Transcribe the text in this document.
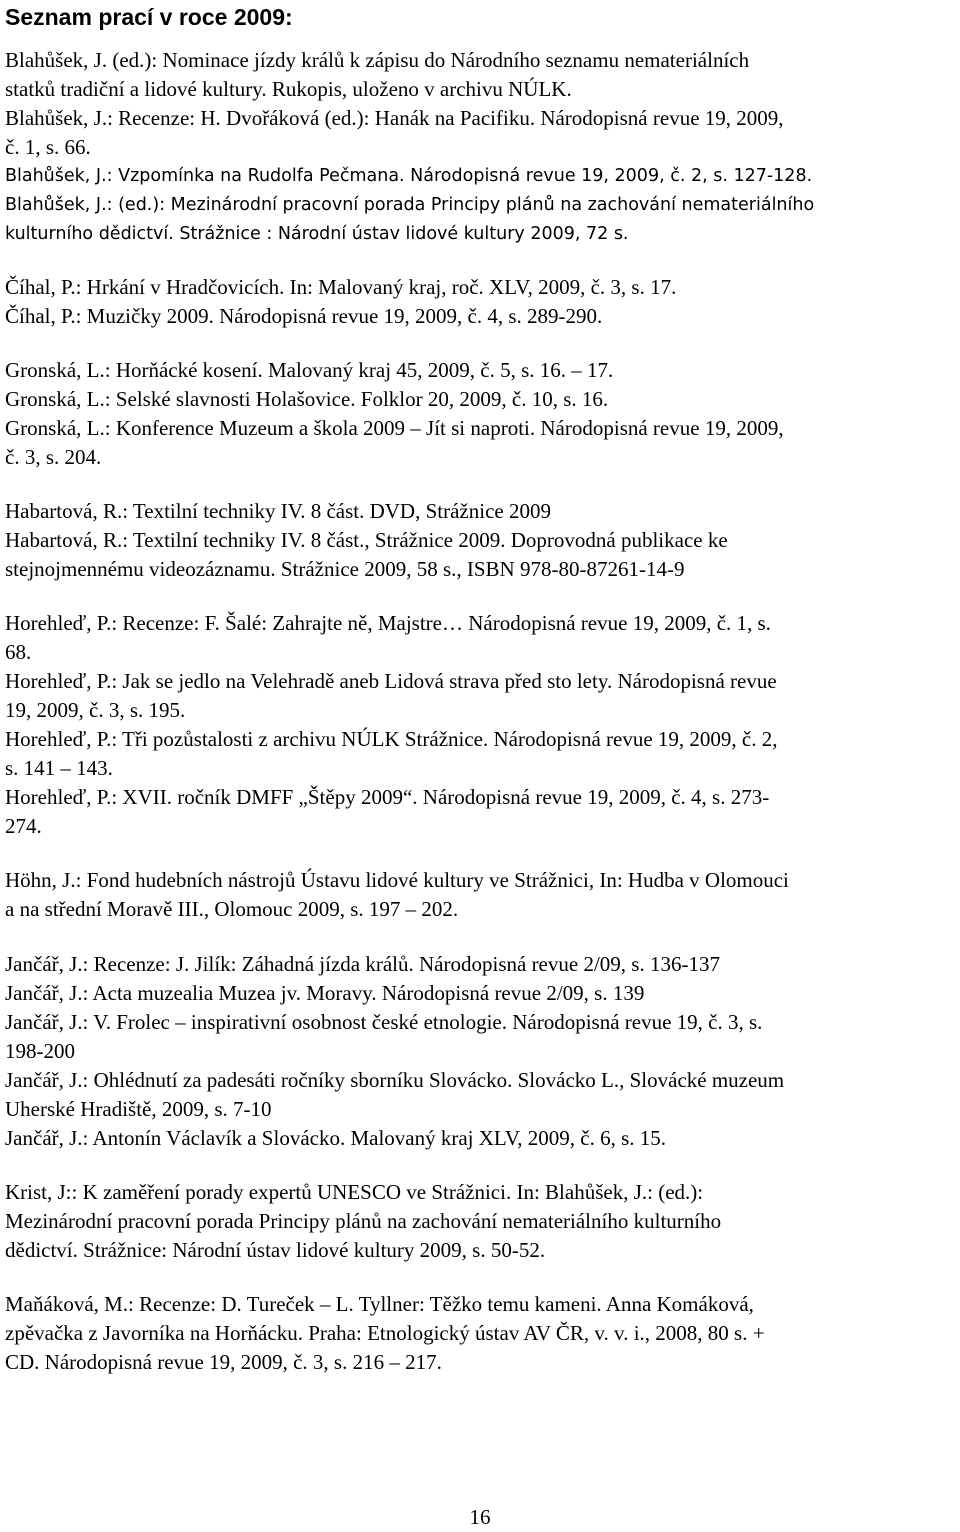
Seznam prací v roce 2009:
Blahůšek, J. (ed.): Nominace jízdy králů k zápisu do Národního seznamu nemateriálních
statků tradiční a lidové kultury. Rukopis, uloženo v archivu NÚLK.
Blahůšek, J.: Recenze: H. Dvořáková (ed.): Hanák na Pacifiku. Národopisná revue 19, 2009,
č. 1, s. 66.
Blahůšek, J.: Vzpomínka na Rudolfa Pečmana. Národopisná revue 19, 2009, č. 2, s. 127-128.
Blahůšek, J.: (ed.): Mezinárodní pracovní porada Principy plánů na zachování nemateriálního
kulturního dědictví. Strážnice : Národní ústav lidové kultury 2009, 72 s.
Číhal, P.: Hrkání v Hradčovicích. In: Malovaný kraj, roč. XLV, 2009, č. 3, s. 17.
Číhal, P.: Muzičky 2009. Národopisná revue 19, 2009, č. 4, s. 289-290.
Gronská, L.: Horňácké kosení. Malovaný kraj 45, 2009, č. 5, s. 16. – 17.
Gronská, L.: Selské slavnosti Holašovice. Folklor 20, 2009, č. 10, s. 16.
Gronská, L.: Konference Muzeum a škola 2009 – Jít si naproti. Národopisná revue 19, 2009,
č. 3, s. 204.
Habartová, R.: Textilní techniky IV. 8 část. DVD, Strážnice 2009
Habartová, R.: Textilní techniky IV. 8 část., Strážnice 2009. Doprovodná publikace ke
stejnojmennému videozáznamu. Strážnice 2009, 58 s., ISBN 978-80-87261-14-9
Horehleď, P.: Recenze: F. Šalé: Zahrajte ně, Majstre… Národopisná revue 19, 2009, č. 1, s.
68.
Horehleď, P.: Jak se jedlo na Velehradě aneb Lidová strava před sto lety. Národopisná revue
19, 2009, č. 3, s. 195.
Horehleď, P.: Tři pozůstalosti z archivu NÚLK Strážnice. Národopisná revue 19, 2009, č. 2,
s. 141 – 143.
Horehleď, P.: XVII. ročník DMFF „Štěpy 2009“. Národopisná revue 19, 2009, č. 4, s. 273-
274.
Höhn, J.: Fond hudebních nástrojů Ústavu lidové kultury ve Strážnici, In: Hudba v Olomouci
a na střední Moravě III., Olomouc 2009, s. 197 – 202.
Jančář, J.: Recenze: J. Jilík: Záhadná jízda králů. Národopisná revue 2/09, s. 136-137
Jančář, J.: Acta muzealia Muzea jv. Moravy. Národopisná revue 2/09, s. 139
Jančář, J.: V. Frolec – inspirativní osobnost české etnologie. Národopisná revue 19, č. 3, s.
198-200
Jančář, J.: Ohlédnutí za padesáti ročníky sborníku Slovácko. Slovácko L., Slovácké muzeum
Uherské Hradiště, 2009, s. 7-10
Jančář, J.: Antonín Václavík a Slovácko. Malovaný kraj XLV, 2009, č. 6, s. 15.
Krist, J:: K zaměření porady expertů UNESCO ve Strážnici. In: Blahůšek, J.: (ed.):
Mezinárodní pracovní porada Principy plánů na zachování nemateriálního kulturního
dědictví. Strážnice: Národní ústav lidové kultury 2009, s. 50-52.
Maňáková, M.: Recenze: D. Tureček – L. Tyllner: Těžko temu kameni. Anna Komáková,
zpěvačka z Javorníka na Horňácku. Praha: Etnologický ústav AV ČR, v. v. i., 2008, 80 s. +
CD. Národopisná revue 19, 2009, č. 3, s. 216 – 217.
16
